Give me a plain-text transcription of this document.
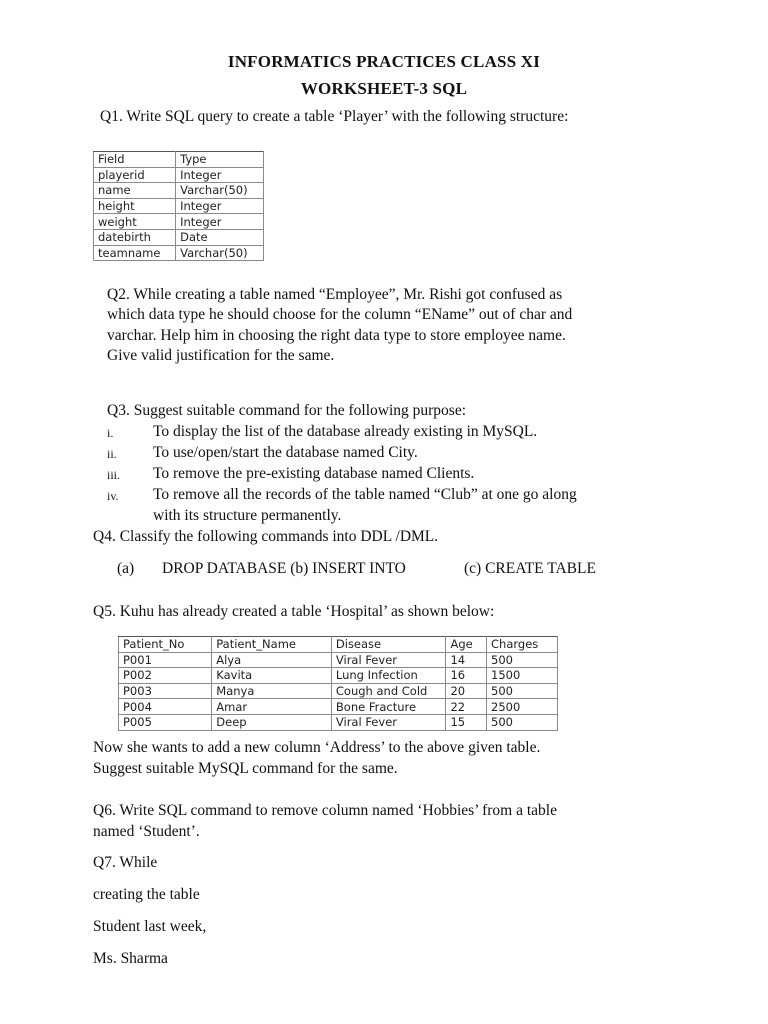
INFORMATICS PRACTICES CLASS XI
WORKSHEET-3 SQL
Q1. Write SQL query to create a table ‘Player’ with the following structure:
Field	Type
playerid	Integer
name	Varchar(50)
height	Integer
weight	Integer
datebirth	Date
teamname	Varchar(50)
Q2. While creating a table named “Employee”, Mr. Rishi got confused as
which data type he should choose for the column “EName” out of char and
varchar. Help him in choosing the right data type to store employee name.
Give valid justification for the same.
Q3. Suggest suitable command for the following purpose:
i.	To display the list of the database already existing in MySQL.
ii. To use/open/start the database named City.
iii. To remove the pre-existing database named Clients.
iv. To remove all the records of the table named “Club” at one go along
with its structure permanently.
Q4. Classify the following commands into DDL /DML.
(a) DROP DATABASE (b) INSERT INTO	(c) CREATE TABLE
Q5. Kuhu has already created a table ‘Hospital’ as shown below:
Patient_No	Patient_Name	Disease	Age	Charges
P001	Alya	Viral Fever	14	500
P002	Kavita	Lung Infection	16	1500
P003	Manya	Cough and Cold	20	500
P004	Amar	Bone Fracture	22	2500
P005	Deep	Viral Fever	15	500
Now she wants to add a new column ‘Address’ to the above given table.
Suggest suitable MySQL command for the same.
Q6. Write SQL command to remove column named ‘Hobbies’ from a table
named ‘Student’.
Q7. While
creating the table
Student last week,
Ms. Sharma
